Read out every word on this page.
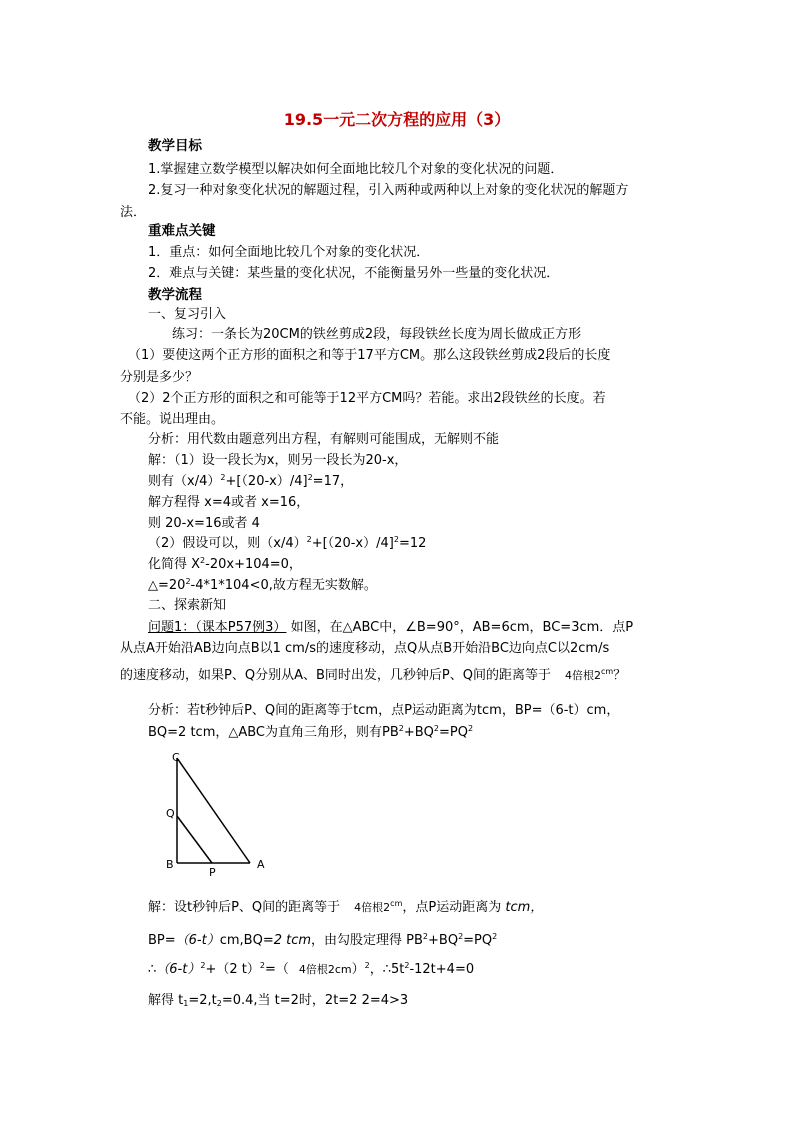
19.5一元二次方程的应用（3）
教学目标
1.掌握建立数学模型以解决如何全面地比较几个对象的变化状况的问题．
2.复习一种对象变化状况的解题过程，引入两种或两种以上对象的变化状况的解题方
法．
重难点关键
1．重点：如何全面地比较几个对象的变化状况．
2．难点与关键：某些量的变化状况，不能衡量另外一些量的变化状况．
教学流程
一、复习引入
练习：一条长为20CM的铁丝剪成2段，每段铁丝长度为周长做成正方形
（1）要使这两个正方形的面积之和等于17平方CM。那么这段铁丝剪成2段后的长度
分别是多少？
（2）2个正方形的面积之和可能等于12平方CM吗？若能。求出2段铁丝的长度。若
不能。说出理由。
分析：用代数由题意列出方程，有解则可能围成，无解则不能
解：（1）设一段长为x，则另一段长为20-x，
则有$(x/4)^2+[(20-x)/4]^2=17$，
解方程得 x=4或者 x=16，
则 20-x=16或者 4
（2）假设可以，则$(x/4)^2+[(20-x)/4]^2=12$
化简得 $X^2-20x+104=0$，
$\triangle=20^2-4*1*104<0$,故方程无实数解。
二、探索新知
问题1：（课本P57例3） 如图，在△ABC中，∠B=90°，AB=6cm，BC=3cm．点P
从点A开始沿AB边向点B以1 cm/s的速度移动，点Q从点B开始沿BC边向点C以2cm/s
的速度移动，如果P、Q分别从A、B同时出发，几秒钟后P、Q间的距离等于 4倍根$2^{cm}$？
分析：若t秒钟后P、Q间的距离等于tcm，点P运动距离为tcm，BP=（6-t）cm，
BQ=2 tcm，△ABC为直角三角形，则有$PB^2+BQ^2=PQ^2$
C
Q
B
P
A
解：设t秒钟后P、Q间的距离等于 4倍根$2^{cm}$，点P运动距离为 tcm，
BP=（6-t）cm,BQ=2 tcm，由勾股定理得 $PB^2+BQ^2=PQ^2$
$\therefore(6-t)^2+(2$ t）$^2$=（ 4倍根2cm）$^2$，$\therefore 5t^2-12t+4=0$
解得 $t_1=2,t_2=0.4$,当 t=2时，2t=2 2=4>3
